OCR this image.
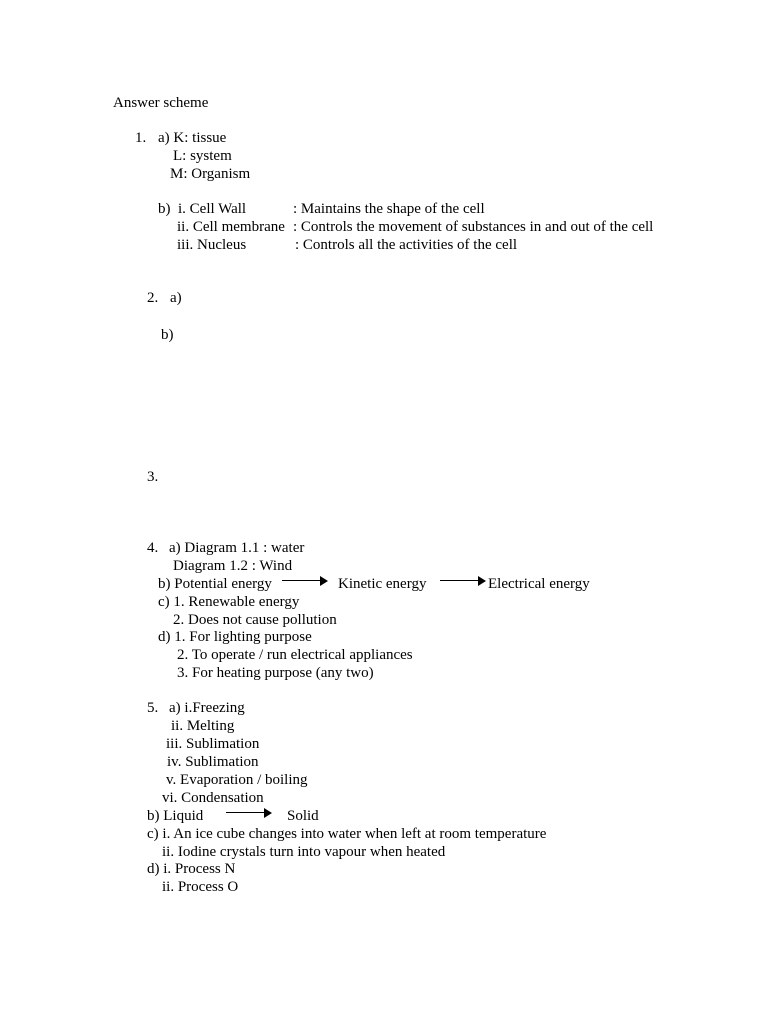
Answer scheme
1. a) K: tissue
L: system
M: Organism
b) i. Cell Wall	: Maintains the shape of the cell
ii. Cell membrane : Controls the movement of substances in and out of the cell
iii. Nucleus	: Controls all the activities of the cell
2. a)
b)
3.
4. a) Diagram 1.1 : water
Diagram 1.2 : Wind
b) Potential energy	Kinetic energy	Electrical energy
c) 1. Renewable energy
2. Does not cause pollution
d) 1. For lighting purpose
2. To operate / run electrical appliances
3. For heating purpose (any two)
5. a) i.Freezing
ii. Melting
iii. Sublimation
iv. Sublimation
v. Evaporation / boiling
vi. Condensation
b) Liquid	Solid
c) i. An ice cube changes into water when left at room temperature
ii. Iodine crystals turn into vapour when heated
d) i. Process N
ii. Process O
